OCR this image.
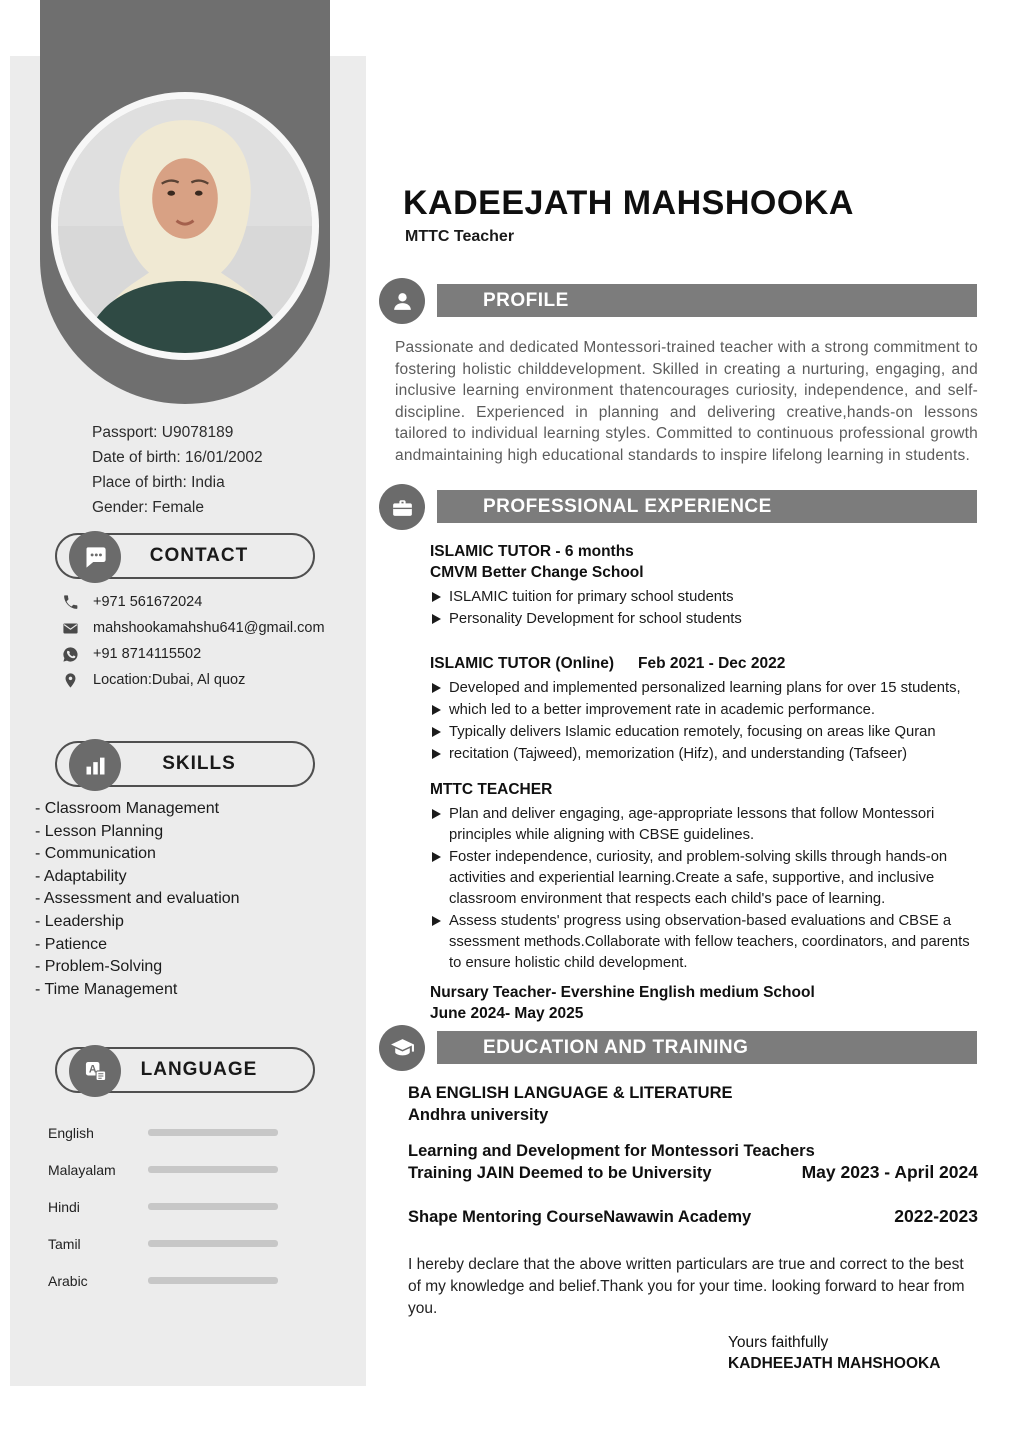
Passport: U9078189
Date of birth: 16/01/2002
Place of birth: India
Gender: Female
CONTACT
+971 561672024
mahshookamahshu641@gmail.com
+91 8714115502
Location:Dubai, Al quoz
SKILLS
- Classroom Management
- Lesson Planning
- Communication
- Adaptability
- Assessment and evaluation
- Leadership
- Patience
- Problem-Solving
- Time Management
A	LANGUAGE
English
Malayalam
Hindi
Tamil
Arabic
KADEEJATH MAHSHOOKA
MTTC Teacher
PROFILE

Passionate and dedicated Montessori-trained teacher with a strong commitment to fostering holistic childdevelopment. Skilled in creating a nurturing, engaging, and inclusive learning environment thatencourages curiosity, independence, and self-discipline. Experienced in planning and delivering creative,hands-on lessons tailored to individual learning styles. Committed to continuous professional growth andmaintaining high educational standards to inspire lifelong learning in students.

PROFESSIONAL EXPERIENCE
ISLAMIC TUTOR - 6 months
CMVM Better Change School
ISLAMIC tuition for primary school students
Personality Development for school students
ISLAMIC TUTOR (Online) Feb 2021 - Dec 2022
Developed and implemented personalized learning plans for over 15 students,
which led to a better improvement rate in academic performance.
Typically delivers Islamic education remotely, focusing on areas like Quran
recitation (Tajweed), memorization (Hifz), and understanding (Tafseer)
MTTC TEACHER
Plan and deliver engaging, age-appropriate lessons that follow Montessori principles while aligning with CBSE guidelines.
Foster independence, curiosity, and problem-solving skills through hands-on activities and experiential learning.Create a safe, supportive, and inclusive classroom environment that respects each child's pace of learning.
Assess students' progress using observation-based evaluations and CBSE a ssessment methods.Collaborate with fellow teachers, coordinators, and parents to ensure holistic child development.
Nursary Teacher- Evershine English medium School
June 2024- May 2025
EDUCATION AND TRAINING
BA ENGLISH LANGUAGE & LITERATURE
Andhra university
Learning and Development for Montessori Teachers
Training JAIN Deemed to be University	May 2023 - April 2024
Shape Mentoring CourseNawawin Academy	2022-2023

I hereby declare that the above written particulars are true and correct to the best of my knowledge and belief.Thank you for your time. looking forward to hear from you.

Yours faithfully
KADHEEJATH MAHSHOOKA
